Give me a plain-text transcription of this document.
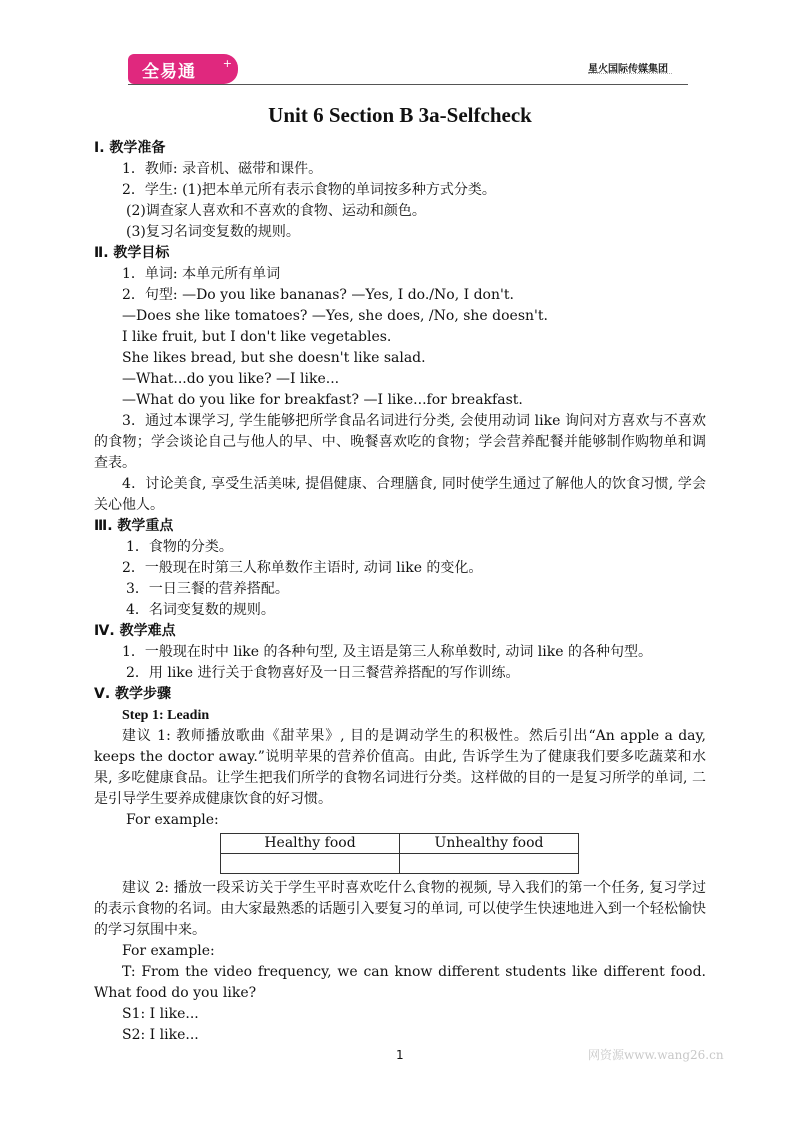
全易通 +	星火国际传媒集团
Unit 6 Section B 3a-Selfcheck
Ⅰ. 教学准备
1．教师: 录音机、磁带和课件。
2．学生: (1)把本单元所有表示食物的单词按多种方式分类。
(2)调查家人喜欢和不喜欢的食物、运动和颜色。
(3)复习名词变复数的规则。
Ⅱ. 教学目标
1．单词: 本单元所有单词
2．句型: —Do you like bananas? —Yes, I do./No, I don't.
—Does she like tomatoes? —Yes, she does, /No, she doesn't.
I like fruit, but I don't like vegetables.
She likes bread, but she doesn't like salad.
—What...do you like? —I like...
—What do you like for breakfast? —I like...for breakfast.
3．通过本课学习, 学生能够把所学食品名词进行分类, 会使用动词 like 询问对方喜欢与不喜欢的食物；学会谈论自己与他人的早、中、晚餐喜欢吃的食物；学会营养配餐并能够制作购物单和调查表。
4．讨论美食, 享受生活美味, 提倡健康、合理膳食, 同时使学生通过了解他人的饮食习惯, 学会关心他人。
Ⅲ. 教学重点
1．食物的分类。
2．一般现在时第三人称单数作主语时, 动词 like 的变化。
3．一日三餐的营养搭配。
4．名词变复数的规则。
Ⅳ. 教学难点
1．一般现在时中 like 的各种句型, 及主语是第三人称单数时, 动词 like 的各种句型。
2．用 like 进行关于食物喜好及一日三餐营养搭配的写作训练。
Ⅴ. 教学步骤
Step 1: Leadin
建议 1: 教师播放歌曲《甜苹果》, 目的是调动学生的积极性。然后引出“An apple a day, keeps the doctor away.”说明苹果的营养价值高。由此, 告诉学生为了健康我们要多吃蔬菜和水果, 多吃健康食品。让学生把我们所学的食物名词进行分类。这样做的目的一是复习所学的单词, 二是引导学生要养成健康饮食的好习惯。
For example:
Healthy food	Unhealthy food

建议 2: 播放一段采访关于学生平时喜欢吃什么食物的视频, 导入我们的第一个任务, 复习学过的表示食物的名词。由大家最熟悉的话题引入要复习的单词, 可以使学生快速地进入到一个轻松愉快的学习氛围中来。
For example:
T: From the video frequency, we can know different students like different food. What food do you like?
S1: I like...
S2: I like...
1	网资源www.wang26.cn
